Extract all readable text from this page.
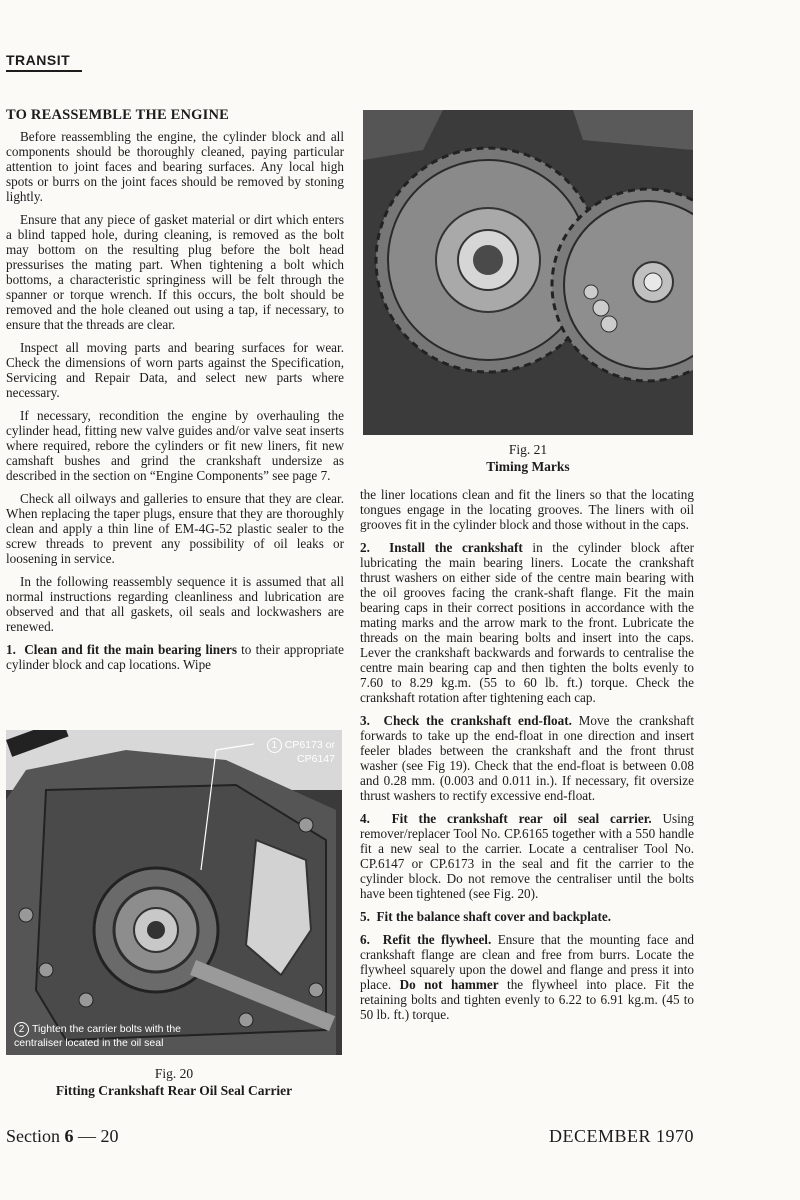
TRANSIT
TO REASSEMBLE THE ENGINE

Before reassembling the engine, the cylinder block and all components should be thoroughly cleaned, paying particular attention to joint faces and bearing surfaces. Any local high spots or burrs on the joint faces should be removed by stoning lightly.

Ensure that any piece of gasket material or dirt which enters a blind tapped hole, during cleaning, is removed as the bolt may bottom on the resulting plug before the bolt head pressurises the mating part. When tightening a bolt which bottoms, a characteristic springiness will be felt through the spanner or torque wrench. If this occurs, the bolt should be removed and the hole cleaned out using a tap, if necessary, to ensure that the threads are clear.

Inspect all moving parts and bearing surfaces for wear. Check the dimensions of worn parts against the Specification, Servicing and Repair Data, and select new parts where necessary.

If necessary, recondition the engine by overhauling the cylinder head, fitting new valve guides and/or valve seat inserts where required, rebore the cylinders or fit new liners, fit new camshaft bushes and grind the crankshaft undersize as described in the section on “Engine Components” see page 7.

Check all oilways and galleries to ensure that they are clear. When replacing the taper plugs, ensure that they are thoroughly clean and apply a thin line of EM-4G-52 plastic sealer to the screw threads to prevent any possibility of oil leaks or loosening in service.

In the following reassembly sequence it is assumed that all normal instructions regarding cleanliness and lubrication are observed and that all gaskets, oil seals and lockwashers are renewed.

1. Clean and fit the main bearing liners to their appropriate cylinder block and cap locations. Wipe

1 CP6173 or CP6147
2 Tighten the carrier bolts with the centraliser located in the oil seal
Fig. 20
Fitting Crankshaft Rear Oil Seal Carrier
Fig. 21
Timing Marks

the liner locations clean and fit the liners so that the locating tongues engage in the locating grooves. The liners with oil grooves fit in the cylinder block and those without in the caps.

2. Install the crankshaft in the cylinder block after lubricating the main bearing liners. Locate the crankshaft thrust washers on either side of the centre main bearing with the oil grooves facing the crank-shaft flange. Fit the main bearing caps in their correct positions in accordance with the mating marks and the arrow mark to the front. Lubricate the threads on the main bearing bolts and insert into the caps. Lever the crankshaft backwards and forwards to centralise the centre main bearing cap and then tighten the bolts evenly to 7.60 to 8.29 kg.m. (55 to 60 lb. ft.) torque. Check the crankshaft rotation after tightening each cap.

3. Check the crankshaft end-float. Move the crankshaft forwards to take up the end-float in one direction and insert feeler blades between the crankshaft and the front thrust washer (see Fig 19). Check that the end-float is between 0.08 and 0.28 mm. (0.003 and 0.011 in.). If necessary, fit oversize thrust washers to rectify excessive end-float.

4. Fit the crankshaft rear oil seal carrier. Using remover/replacer Tool No. CP.6165 together with a 550 handle fit a new seal to the carrier. Locate a centraliser Tool No. CP.6147 or CP.6173 in the seal and fit the carrier to the cylinder block. Do not remove the centraliser until the bolts have been tightened (see Fig. 20).

5. Fit the balance shaft cover and backplate.

6. Refit the flywheel. Ensure that the mounting face and crankshaft flange are clean and free from burrs. Locate the flywheel squarely upon the dowel and flange and press it into place. Do not hammer the flywheel into place. Fit the retaining bolts and tighten evenly to 6.22 to 6.91 kg.m. (45 to 50 lb. ft.) torque.

Section 6 — 20	DECEMBER 1970
